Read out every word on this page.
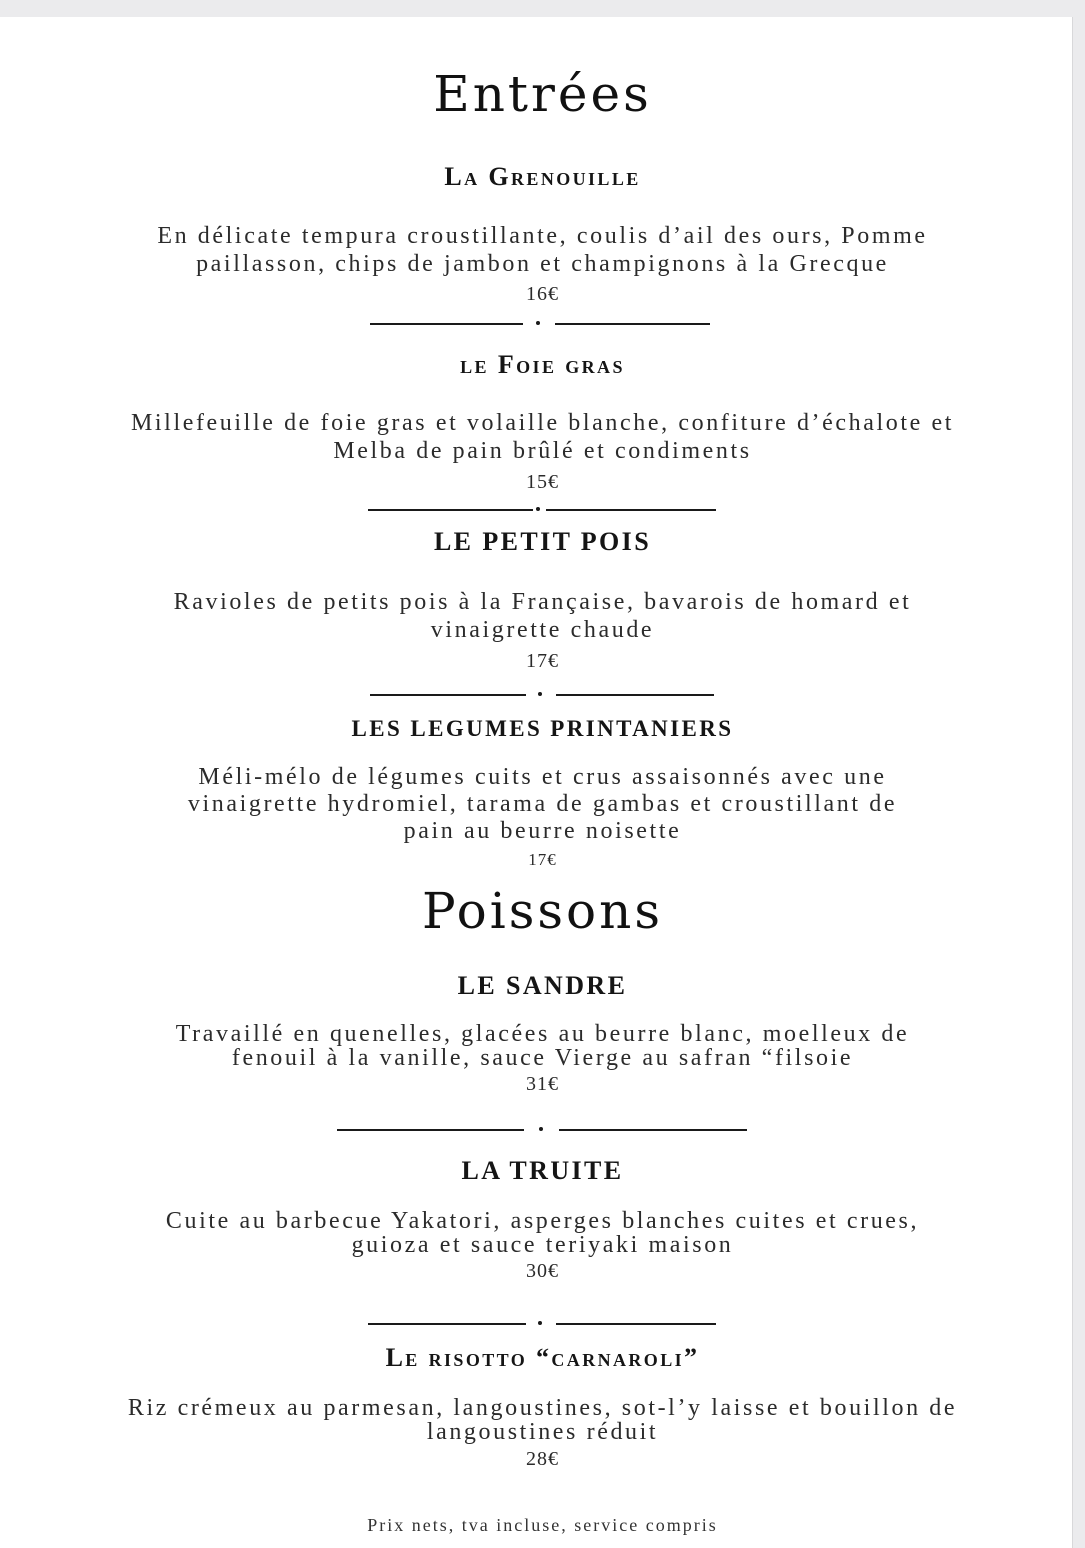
Entrées
La Grenouille
En délicate tempura croustillante, coulis d’ail des ours, Pomme
paillasson, chips de jambon et champignons à la Grecque
16€
le Foie gras
Millefeuille de foie gras et volaille blanche, confiture d’échalote et
Melba de pain brûlé et condiments
15€
LE PETIT POIS
Ravioles de petits pois à la Française, bavarois de homard et
vinaigrette chaude
17€
LES LEGUMES PRINTANIERS
Méli-mélo de légumes cuits et crus assaisonnés avec une
vinaigrette hydromiel, tarama de gambas et croustillant de
pain au beurre noisette
17€
Poissons
LE SANDRE
Travaillé en quenelles, glacées au beurre blanc, moelleux de
fenouil à la vanille, sauce Vierge au safran “filsoie
31€
LA TRUITE
Cuite au barbecue Yakatori, asperges blanches cuites et crues,
guioza et sauce teriyaki maison
30€
Le risotto “carnaroli”
Riz crémeux au parmesan, langoustines, sot-l’y laisse et bouillon de
langoustines réduit
28€
Prix nets, tva incluse, service compris
